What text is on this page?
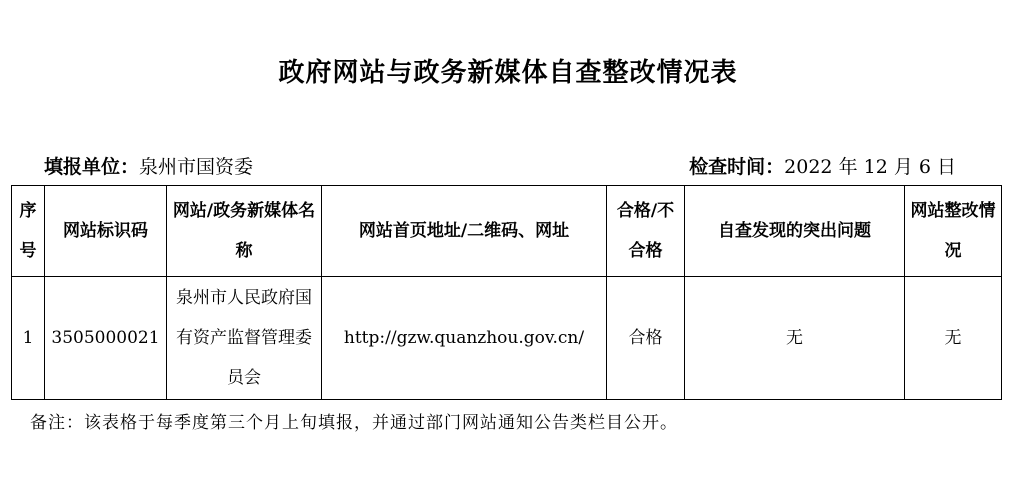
政府网站与政务新媒体自查整改情况表
填报单位：泉州市国资委	检查时间：2022 年 12 月 6 日
序号	网站标识码	网站/政务新媒体名称	网站首页地址/二维码、网址	合格/不合格	自查发现的突出问题	网站整改情况
1	3505000021	泉州市人民政府国有资产监督管理委员会	http://gzw.quanzhou.gov.cn/	合格	无	无
备注：该表格于每季度第三个月上旬填报，并通过部门网站通知公告类栏目公开。
